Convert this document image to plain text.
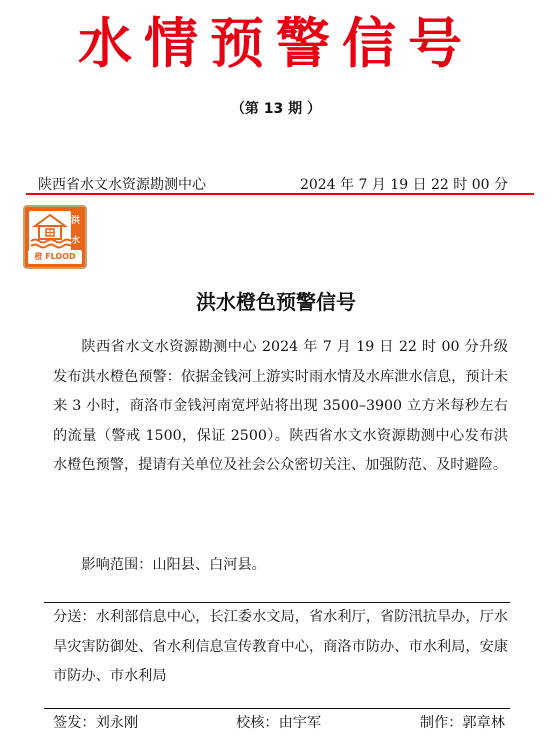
水情预警信号
（第 13 期 ）
陕西省水文水资源勘测中心	2024 年 7 月 19 日 22 时 00 分
洪
水
橙 FLOOD
洪水橙色预警信号

陕西省水文水资源勘测中心 2024 年 7 月 19 日 22 时 00 分升级发布洪水橙色预警：依据金钱河上游实时雨水情及水库泄水信息，预计未来 3 小时，商洛市金钱河南宽坪站将出现 3500–3900 立方米每秒左右的流量（警戒 1500，保证 2500）。陕西省水文水资源勘测中心发布洪水橙色预警，提请有关单位及社会公众密切关注、加强防范、及时避险。

影响范围：山阳县、白河县。
分送：水利部信息中心，长江委水文局，省水利厅，省防汛抗旱办，厅水旱灾害防御处、省水利信息宣传教育中心，商洛市防办、市水利局，安康市防办、市水利局
签发：刘永刚	校核：由宇军	制作：郭章林
